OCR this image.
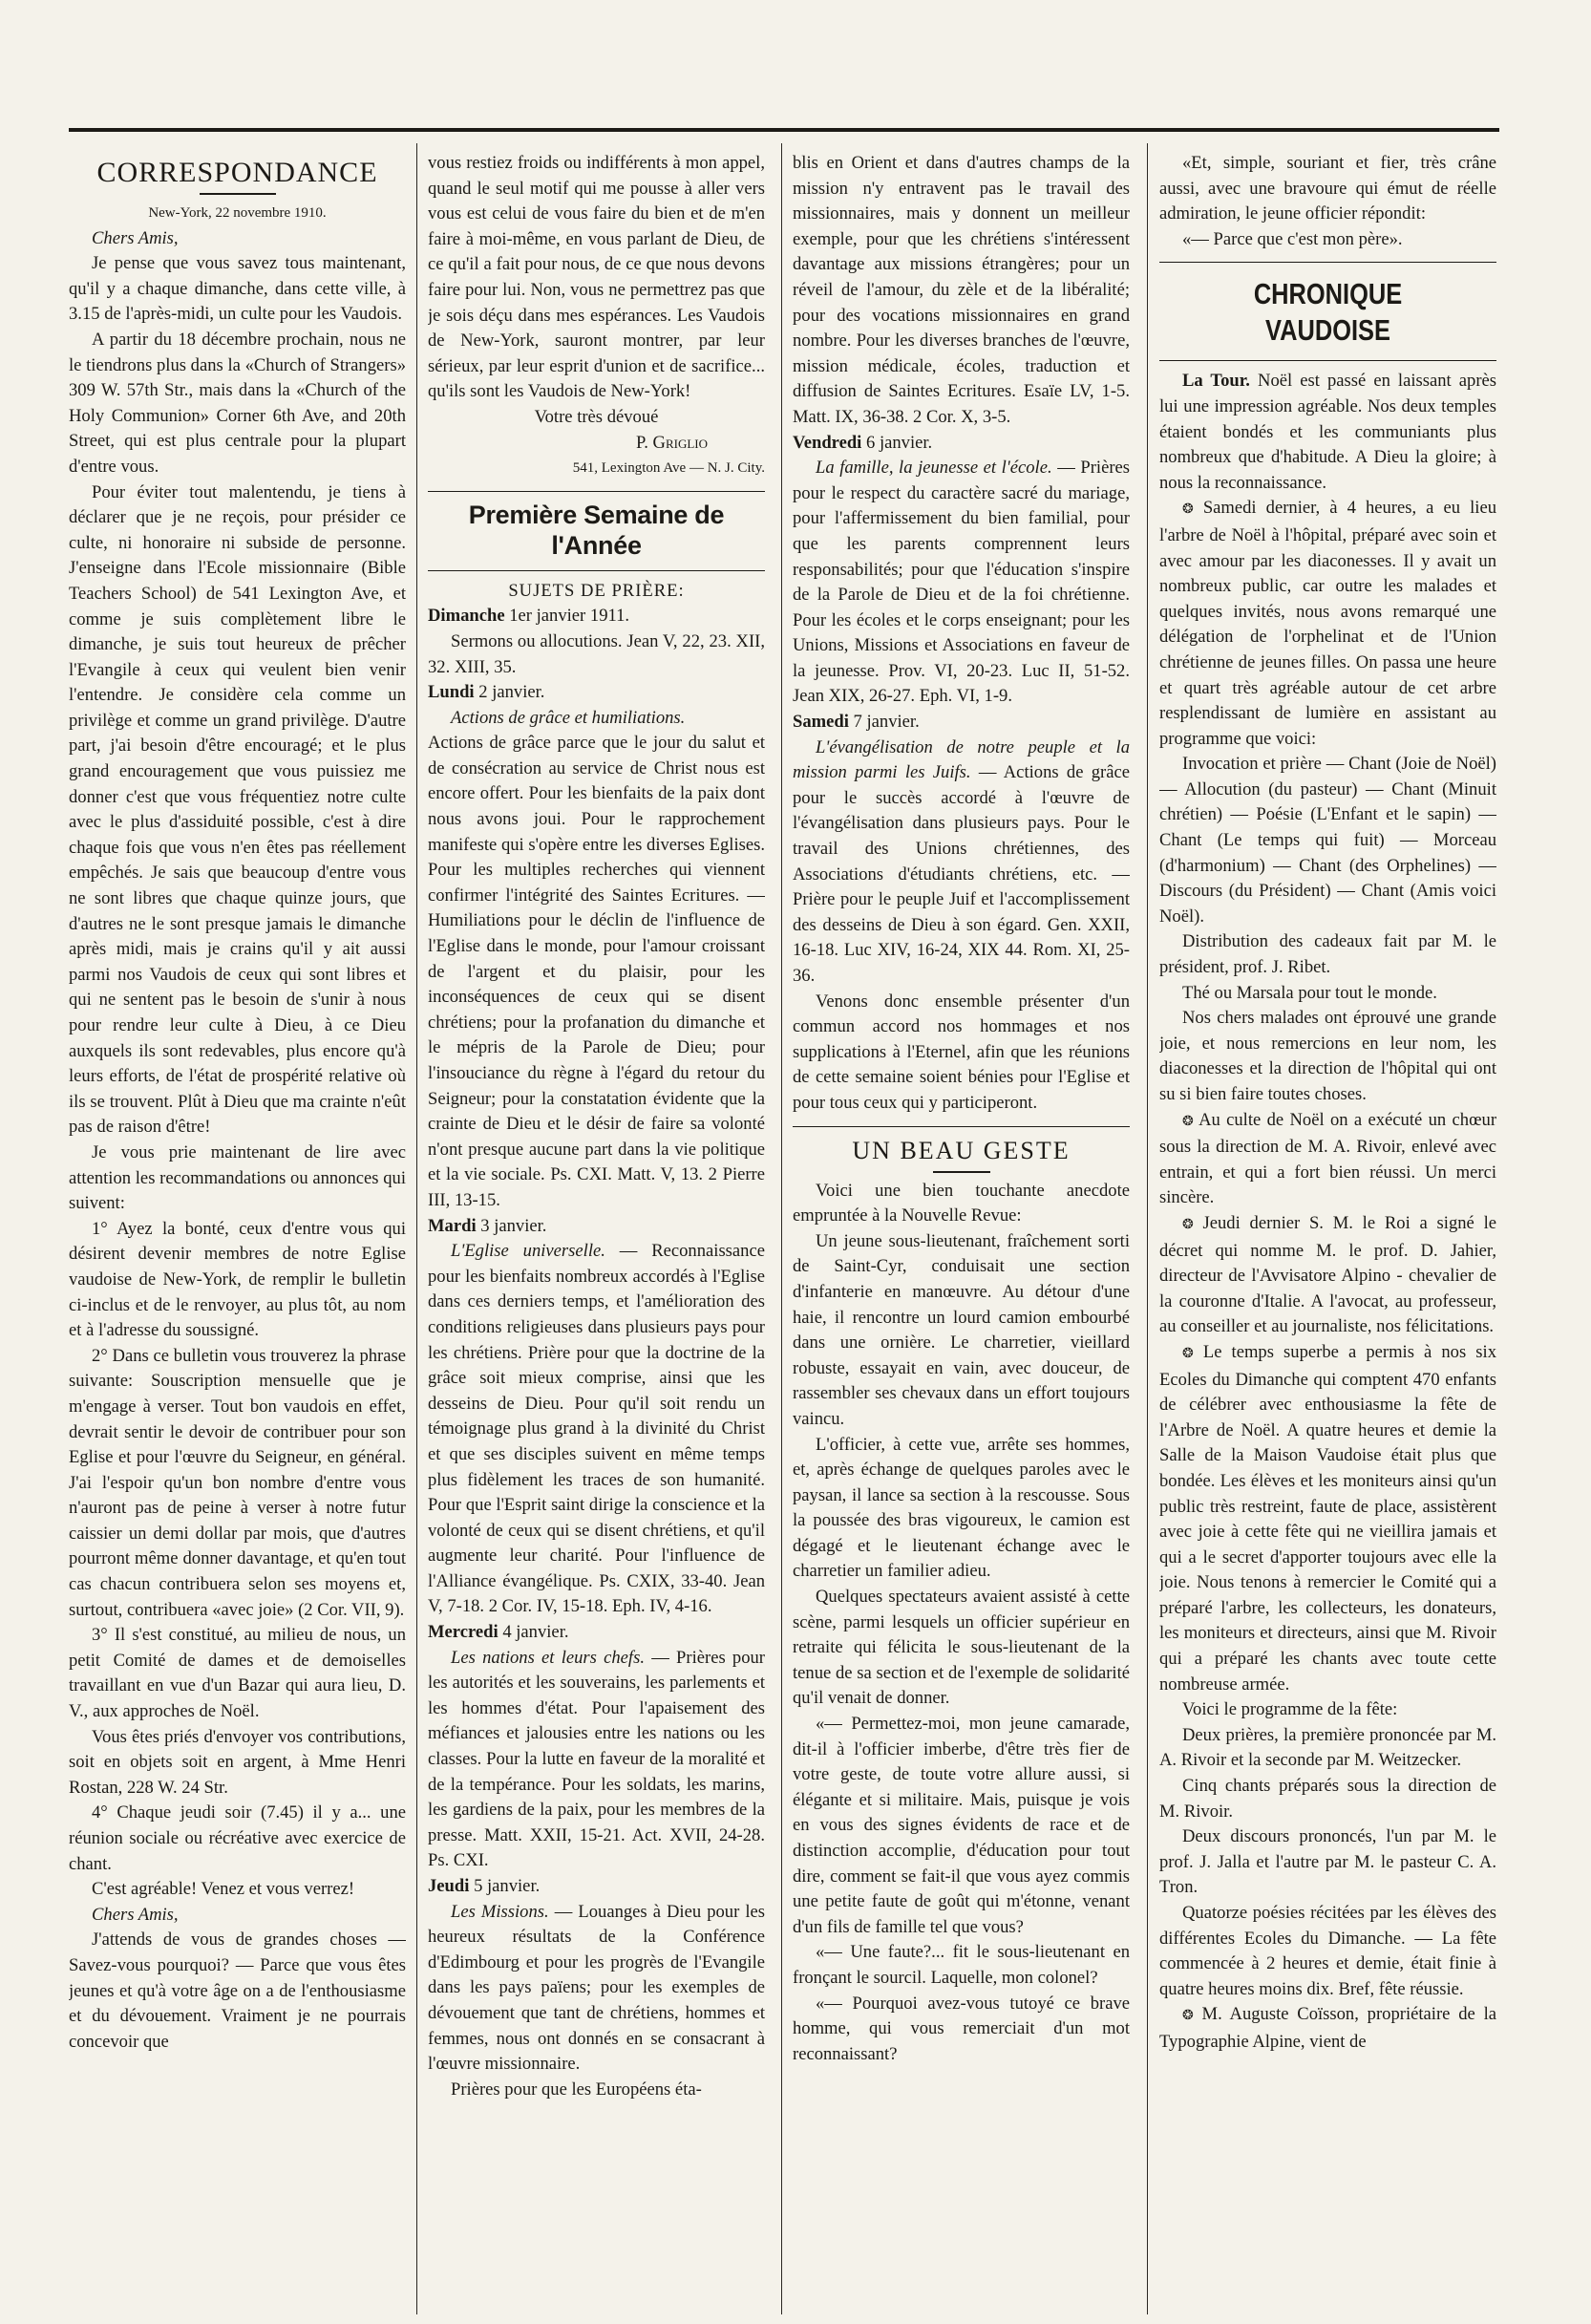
CORRESPONDANCE

New-York, 22 novembre 1910.

Chers Amis,

Je pense que vous savez tous maintenant, qu'il y a chaque dimanche, dans cette ville, à 3.15 de l'après-midi, un culte pour les Vaudois.

A partir du 18 décembre prochain, nous ne le tiendrons plus dans la «Church of Strangers» 309 W. 57th Str., mais dans la «Church of the Holy Communion» Corner 6th Ave, and 20th Street, qui est plus centrale pour la plupart d'entre vous.

Pour éviter tout malentendu, je tiens à déclarer que je ne reçois, pour présider ce culte, ni honoraire ni subside de personne. J'enseigne dans l'Ecole missionnaire (Bible Teachers School) de 541 Lexington Ave, et comme je suis complètement libre le dimanche, je suis tout heureux de prêcher l'Evangile à ceux qui veulent bien venir l'entendre. Je considère cela comme un privilège et comme un grand privilège. D'autre part, j'ai besoin d'être encouragé; et le plus grand encouragement que vous puissiez me donner c'est que vous fréquentiez notre culte avec le plus d'assiduité possible, c'est à dire chaque fois que vous n'en êtes pas réellement empêchés. Je sais que beaucoup d'entre vous ne sont libres que chaque quinze jours, que d'autres ne le sont presque jamais le dimanche après midi, mais je crains qu'il y ait aussi parmi nos Vaudois de ceux qui sont libres et qui ne sentent pas le besoin de s'unir à nous pour rendre leur culte à Dieu, à ce Dieu auxquels ils sont redevables, plus encore qu'à leurs efforts, de l'état de prospérité relative où ils se trouvent. Plût à Dieu que ma crainte n'eût pas de raison d'être!

Je vous prie maintenant de lire avec attention les recommandations ou annonces qui suivent:

1° Ayez la bonté, ceux d'entre vous qui désirent devenir membres de notre Eglise vaudoise de New-York, de remplir le bulletin ci-inclus et de le renvoyer, au plus tôt, au nom et à l'adresse du soussigné.

2° Dans ce bulletin vous trouverez la phrase suivante: Souscription mensuelle que je m'engage à verser. Tout bon vaudois en effet, devrait sentir le devoir de contribuer pour son Eglise et pour l'œuvre du Seigneur, en général. J'ai l'espoir qu'un bon nombre d'entre vous n'auront pas de peine à verser à notre futur caissier un demi dollar par mois, que d'autres pourront même donner davantage, et qu'en tout cas chacun contribuera selon ses moyens et, surtout, contribuera «avec joie» (2 Cor. VII, 9).

3° Il s'est constitué, au milieu de nous, un petit Comité de dames et de demoiselles travaillant en vue d'un Bazar qui aura lieu, D. V., aux approches de Noël.

Vous êtes priés d'envoyer vos contributions, soit en objets soit en argent, à Mme Henri Rostan, 228 W. 24 Str.

4° Chaque jeudi soir (7.45) il y a... une réunion sociale ou récréative avec exercice de chant.

C'est agréable! Venez et vous verrez!

Chers Amis,

J'attends de vous de grandes choses — Savez-vous pourquoi? — Parce que vous êtes jeunes et qu'à votre âge on a de l'enthousiasme et du dévouement. Vraiment je ne pourrais concevoir que

vous restiez froids ou indifférents à mon appel, quand le seul motif qui me pousse à aller vers vous est celui de vous faire du bien et de m'en faire à moi-même, en vous parlant de Dieu, de ce qu'il a fait pour nous, de ce que nous devons faire pour lui. Non, vous ne permettrez pas que je sois déçu dans mes espérances. Les Vaudois de New-York, sauront montrer, par leur sérieux, par leur esprit d'union et de sacrifice... qu'ils sont les Vaudois de New-York!

Votre très dévoué

P. Griglio

541, Lexington Ave — N. J. City.

Première Semaine de l'Année

SUJETS DE PRIÈRE:

Dimanche 1er janvier 1911.

Sermons ou allocutions. Jean V, 22, 23. XII, 32. XIII, 35.

Lundi 2 janvier.

Actions de grâce et humiliations.

Actions de grâce parce que le jour du salut et de consécration au service de Christ nous est encore offert. Pour les bienfaits de la paix dont nous avons joui. Pour le rapprochement manifeste qui s'opère entre les diverses Eglises. Pour les multiples recherches qui viennent confirmer l'intégrité des Saintes Ecritures. — Humiliations pour le déclin de l'influence de l'Eglise dans le monde, pour l'amour croissant de l'argent et du plaisir, pour les inconséquences de ceux qui se disent chrétiens; pour la profanation du dimanche et le mépris de la Parole de Dieu; pour l'insouciance du règne à l'égard du retour du Seigneur; pour la constatation évidente que la crainte de Dieu et le désir de faire sa volonté n'ont presque aucune part dans la vie politique et la vie sociale. Ps. CXI. Matt. V, 13. 2 Pierre III, 13-15.

Mardi 3 janvier.

L'Eglise universelle. — Reconnaissance pour les bienfaits nombreux accordés à l'Eglise dans ces derniers temps, et l'amélioration des conditions religieuses dans plusieurs pays pour les chrétiens. Prière pour que la doctrine de la grâce soit mieux comprise, ainsi que les desseins de Dieu. Pour qu'il soit rendu un témoignage plus grand à la divinité du Christ et que ses disciples suivent en même temps plus fidèlement les traces de son humanité. Pour que l'Esprit saint dirige la conscience et la volonté de ceux qui se disent chrétiens, et qu'il augmente leur charité. Pour l'influence de l'Alliance évangélique. Ps. CXIX, 33-40. Jean V, 7-18. 2 Cor. IV, 15-18. Eph. IV, 4-16.

Mercredi 4 janvier.

Les nations et leurs chefs. — Prières pour les autorités et les souverains, les parlements et les hommes d'état. Pour l'apaisement des méfiances et jalousies entre les nations ou les classes. Pour la lutte en faveur de la moralité et de la tempérance. Pour les soldats, les marins, les gardiens de la paix, pour les membres de la presse. Matt. XXII, 15-21. Act. XVII, 24-28. Ps. CXI.

Jeudi 5 janvier.

Les Missions. — Louanges à Dieu pour les heureux résultats de la Conférence d'Edimbourg et pour les progrès de l'Evangile dans les pays païens; pour les exemples de dévouement que tant de chrétiens, hommes et femmes, nous ont donnés en se consacrant à l'œuvre missionnaire.

Prières pour que les Européens éta-

blis en Orient et dans d'autres champs de la mission n'y entravent pas le travail des missionnaires, mais y donnent un meilleur exemple, pour que les chrétiens s'intéressent davantage aux missions étrangères; pour un réveil de l'amour, du zèle et de la libéralité; pour des vocations missionnaires en grand nombre. Pour les diverses branches de l'œuvre, mission médicale, écoles, traduction et diffusion de Saintes Ecritures. Esaïe LV, 1-5. Matt. IX, 36-38. 2 Cor. X, 3-5.

Vendredi 6 janvier.

La famille, la jeunesse et l'école. — Prières pour le respect du caractère sacré du mariage, pour l'affermissement du bien familial, pour que les parents comprennent leurs responsabilités; pour que l'éducation s'inspire de la Parole de Dieu et de la foi chrétienne. Pour les écoles et le corps enseignant; pour les Unions, Missions et Associations en faveur de la jeunesse. Prov. VI, 20-23. Luc II, 51-52. Jean XIX, 26-27. Eph. VI, 1-9.

Samedi 7 janvier.

L'évangélisation de notre peuple et la mission parmi les Juifs. — Actions de grâce pour le succès accordé à l'œuvre de l'évangélisation dans plusieurs pays. Pour le travail des Unions chrétiennes, des Associations d'étudiants chrétiens, etc. — Prière pour le peuple Juif et l'accomplissement des desseins de Dieu à son égard. Gen. XXII, 16-18. Luc XIV, 16-24, XIX 44. Rom. XI, 25-36.

Venons donc ensemble présenter d'un commun accord nos hommages et nos supplications à l'Eternel, afin que les réunions de cette semaine soient bénies pour l'Eglise et pour tous ceux qui y participeront.

UN BEAU GESTE

Voici une bien touchante anecdote empruntée à la Nouvelle Revue:

Un jeune sous-lieutenant, fraîchement sorti de Saint-Cyr, conduisait une section d'infanterie en manœuvre. Au détour d'une haie, il rencontre un lourd camion embourbé dans une ornière. Le charretier, vieillard robuste, essayait en vain, avec douceur, de rassembler ses chevaux dans un effort toujours vaincu.

L'officier, à cette vue, arrête ses hommes, et, après échange de quelques paroles avec le paysan, il lance sa section à la rescousse. Sous la poussée des bras vigoureux, le camion est dégagé et le lieutenant échange avec le charretier un familier adieu.

Quelques spectateurs avaient assisté à cette scène, parmi lesquels un officier supérieur en retraite qui félicita le sous-lieutenant de la tenue de sa section et de l'exemple de solidarité qu'il venait de donner.

«— Permettez-moi, mon jeune camarade, dit-il à l'officier imberbe, d'être très fier de votre geste, de toute votre allure aussi, si élégante et si militaire. Mais, puisque je vois en vous des signes évidents de race et de distinction accomplie, d'éducation pour tout dire, comment se fait-il que vous ayez commis une petite faute de goût qui m'étonne, venant d'un fils de famille tel que vous?

«— Une faute?... fit le sous-lieutenant en fronçant le sourcil. Laquelle, mon colonel?

«— Pourquoi avez-vous tutoyé ce brave homme, qui vous remerciait d'un mot reconnaissant?

«Et, simple, souriant et fier, très crâne aussi, avec une bravoure qui émut de réelle admiration, le jeune officier répondit:

«— Parce que c'est mon père».

CHRONIQUE VAUDOISE

La Tour. Noël est passé en laissant après lui une impression agréable. Nos deux temples étaient bondés et les communiants plus nombreux que d'habitude. A Dieu la gloire; à nous la reconnaissance.

❂ Samedi dernier, à 4 heures, a eu lieu l'arbre de Noël à l'hôpital, préparé avec soin et avec amour par les diaconesses. Il y avait un nombreux public, car outre les malades et quelques invités, nous avons remarqué une délégation de l'orphelinat et de l'Union chrétienne de jeunes filles. On passa une heure et quart très agréable autour de cet arbre resplendissant de lumière en assistant au programme que voici:

Invocation et prière — Chant (Joie de Noël) — Allocution (du pasteur) — Chant (Minuit chrétien) — Poésie (L'Enfant et le sapin) — Chant (Le temps qui fuit) — Morceau (d'harmonium) — Chant (des Orphelines) — Discours (du Président) — Chant (Amis voici Noël).

Distribution des cadeaux fait par M. le président, prof. J. Ribet.

Thé ou Marsala pour tout le monde.

Nos chers malades ont éprouvé une grande joie, et nous remercions en leur nom, les diaconesses et la direction de l'hôpital qui ont su si bien faire toutes choses.

❂ Au culte de Noël on a exécuté un chœur sous la direction de M. A. Rivoir, enlevé avec entrain, et qui a fort bien réussi. Un merci sincère.

❂ Jeudi dernier S. M. le Roi a signé le décret qui nomme M. le prof. D. Jahier, directeur de l'Avvisatore Alpino - chevalier de la couronne d'Italie. A l'avocat, au professeur, au conseiller et au journaliste, nos félicitations.

❂ Le temps superbe a permis à nos six Ecoles du Dimanche qui comptent 470 enfants de célébrer avec enthousiasme la fête de l'Arbre de Noël. A quatre heures et demie la Salle de la Maison Vaudoise était plus que bondée. Les élèves et les moniteurs ainsi qu'un public très restreint, faute de place, assistèrent avec joie à cette fête qui ne vieillira jamais et qui a le secret d'apporter toujours avec elle la joie. Nous tenons à remercier le Comité qui a préparé l'arbre, les collecteurs, les donateurs, les moniteurs et directeurs, ainsi que M. Rivoir qui a préparé les chants avec toute cette nombreuse armée.

Voici le programme de la fête:

Deux prières, la première prononcée par M. A. Rivoir et la seconde par M. Weitzecker.

Cinq chants préparés sous la direction de M. Rivoir.

Deux discours prononcés, l'un par M. le prof. J. Jalla et l'autre par M. le pasteur C. A. Tron.

Quatorze poésies récitées par les élèves des différentes Ecoles du Dimanche. — La fête commencée à 2 heures et demie, était finie à quatre heures moins dix. Bref, fête réussie.

❂ M. Auguste Coïsson, propriétaire de la Typographie Alpine, vient de
